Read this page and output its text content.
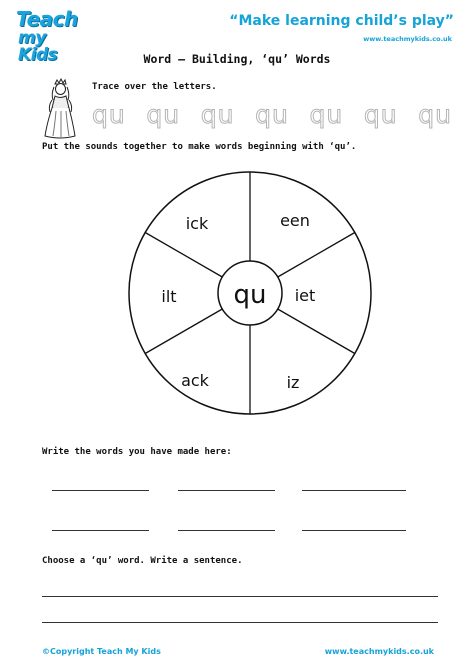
Teach
my Kids
“Make learning child’s play”
www.teachmykids.co.uk
Word – Building, ‘qu’ Words
Trace over the letters.
qu qu qu qu qu qu qu
Put the sounds together to make words beginning with ‘qu’.
qu
ick	een
ilt	iet
ack	iz
Write the words you have made here:
Choose a ‘qu’ word. Write a sentence.
©Copyright Teach My Kids	www.teachmykids.co.uk
